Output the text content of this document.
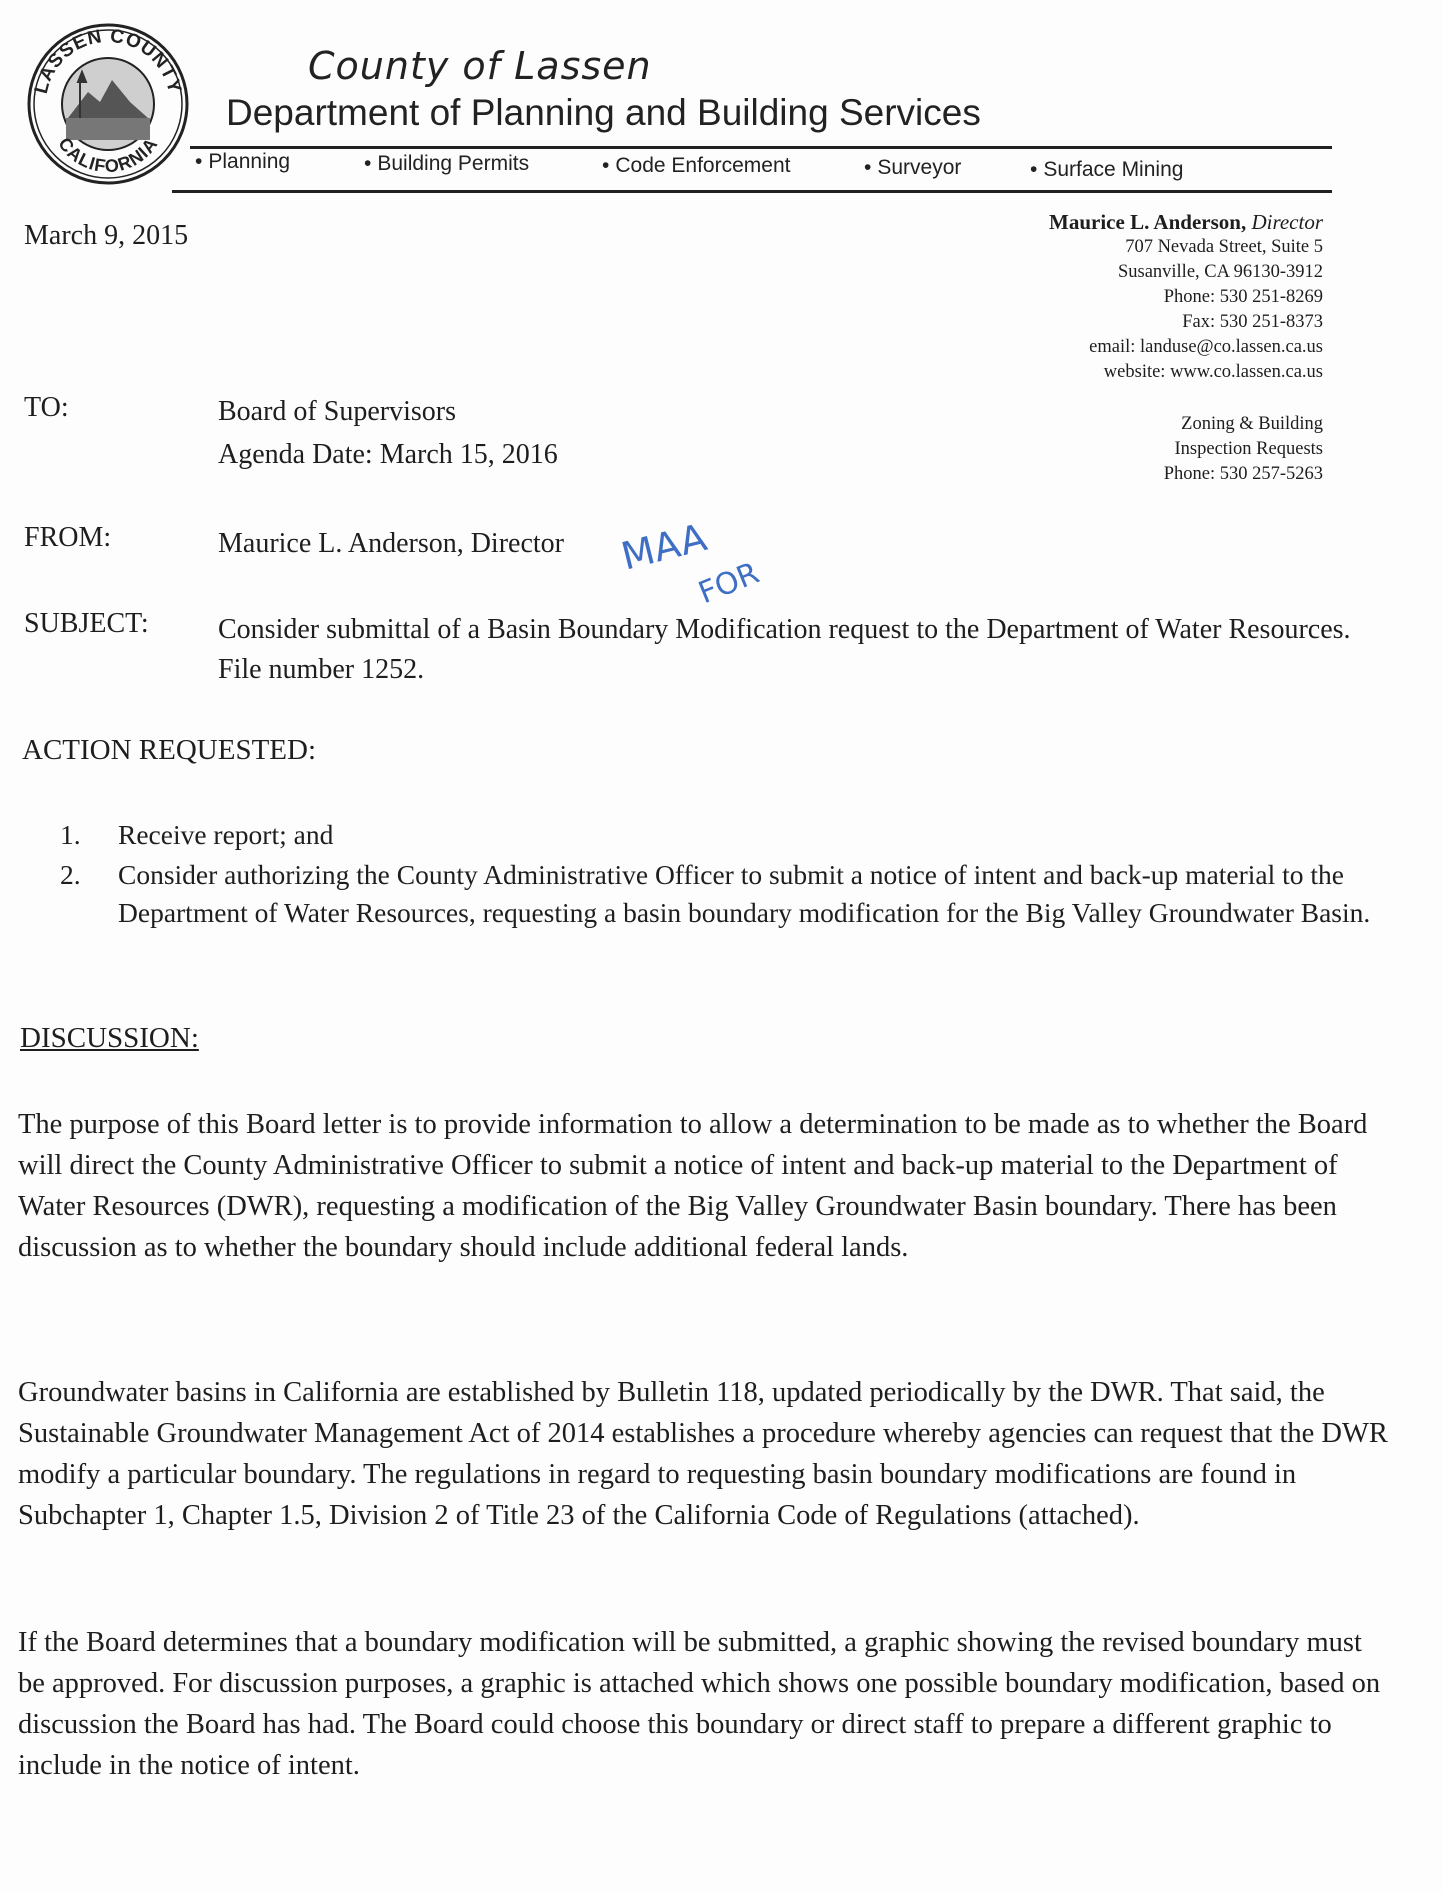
LASSEN COUNTY
CALIFORNIA
County of Lassen
Department of Planning and Building Services
• Planning	• Building Permits	• Code Enforcement	• Surveyor	• Surface Mining
March 9, 2015	Maurice L. Anderson, Director
707 Nevada Street, Suite 5
Susanville, CA 96130-3912
Phone: 530 251-8269
Fax: 530 251-8373
email: landuse@co.lassen.ca.us
website: www.co.lassen.ca.us
Zoning & Building
Inspection Requests
Phone: 530 257-5263
TO:	Board of Supervisors
Agenda Date: March 15, 2016
FROM:	Maurice L. Anderson, Director MAA
FOR
SUBJECT: Consider submittal of a Basin Boundary Modification request to the Department of Water Resources. File number 1252.
ACTION REQUESTED:
1. Receive report; and
2. Consider authorizing the County Administrative Officer to submit a notice of intent and back-up material to the Department of Water Resources, requesting a basin boundary modification for the Big Valley Groundwater Basin.
DISCUSSION:

The purpose of this Board letter is to provide information to allow a determination to be made as to whether the Board will direct the County Administrative Officer to submit a notice of intent and back-up material to the Department of Water Resources (DWR), requesting a modification of the Big Valley Groundwater Basin boundary. There has been discussion as to whether the boundary should include additional federal lands.

Groundwater basins in California are established by Bulletin 118, updated periodically by the DWR. That said, the Sustainable Groundwater Management Act of 2014 establishes a procedure whereby agencies can request that the DWR modify a particular boundary. The regulations in regard to requesting basin boundary modifications are found in Subchapter 1, Chapter 1.5, Division 2 of Title 23 of the California Code of Regulations (attached).

If the Board determines that a boundary modification will be submitted, a graphic showing the revised boundary must be approved. For discussion purposes, a graphic is attached which shows one possible boundary modification, based on discussion the Board has had. The Board could choose this boundary or direct staff to prepare a different graphic to include in the notice of intent.
